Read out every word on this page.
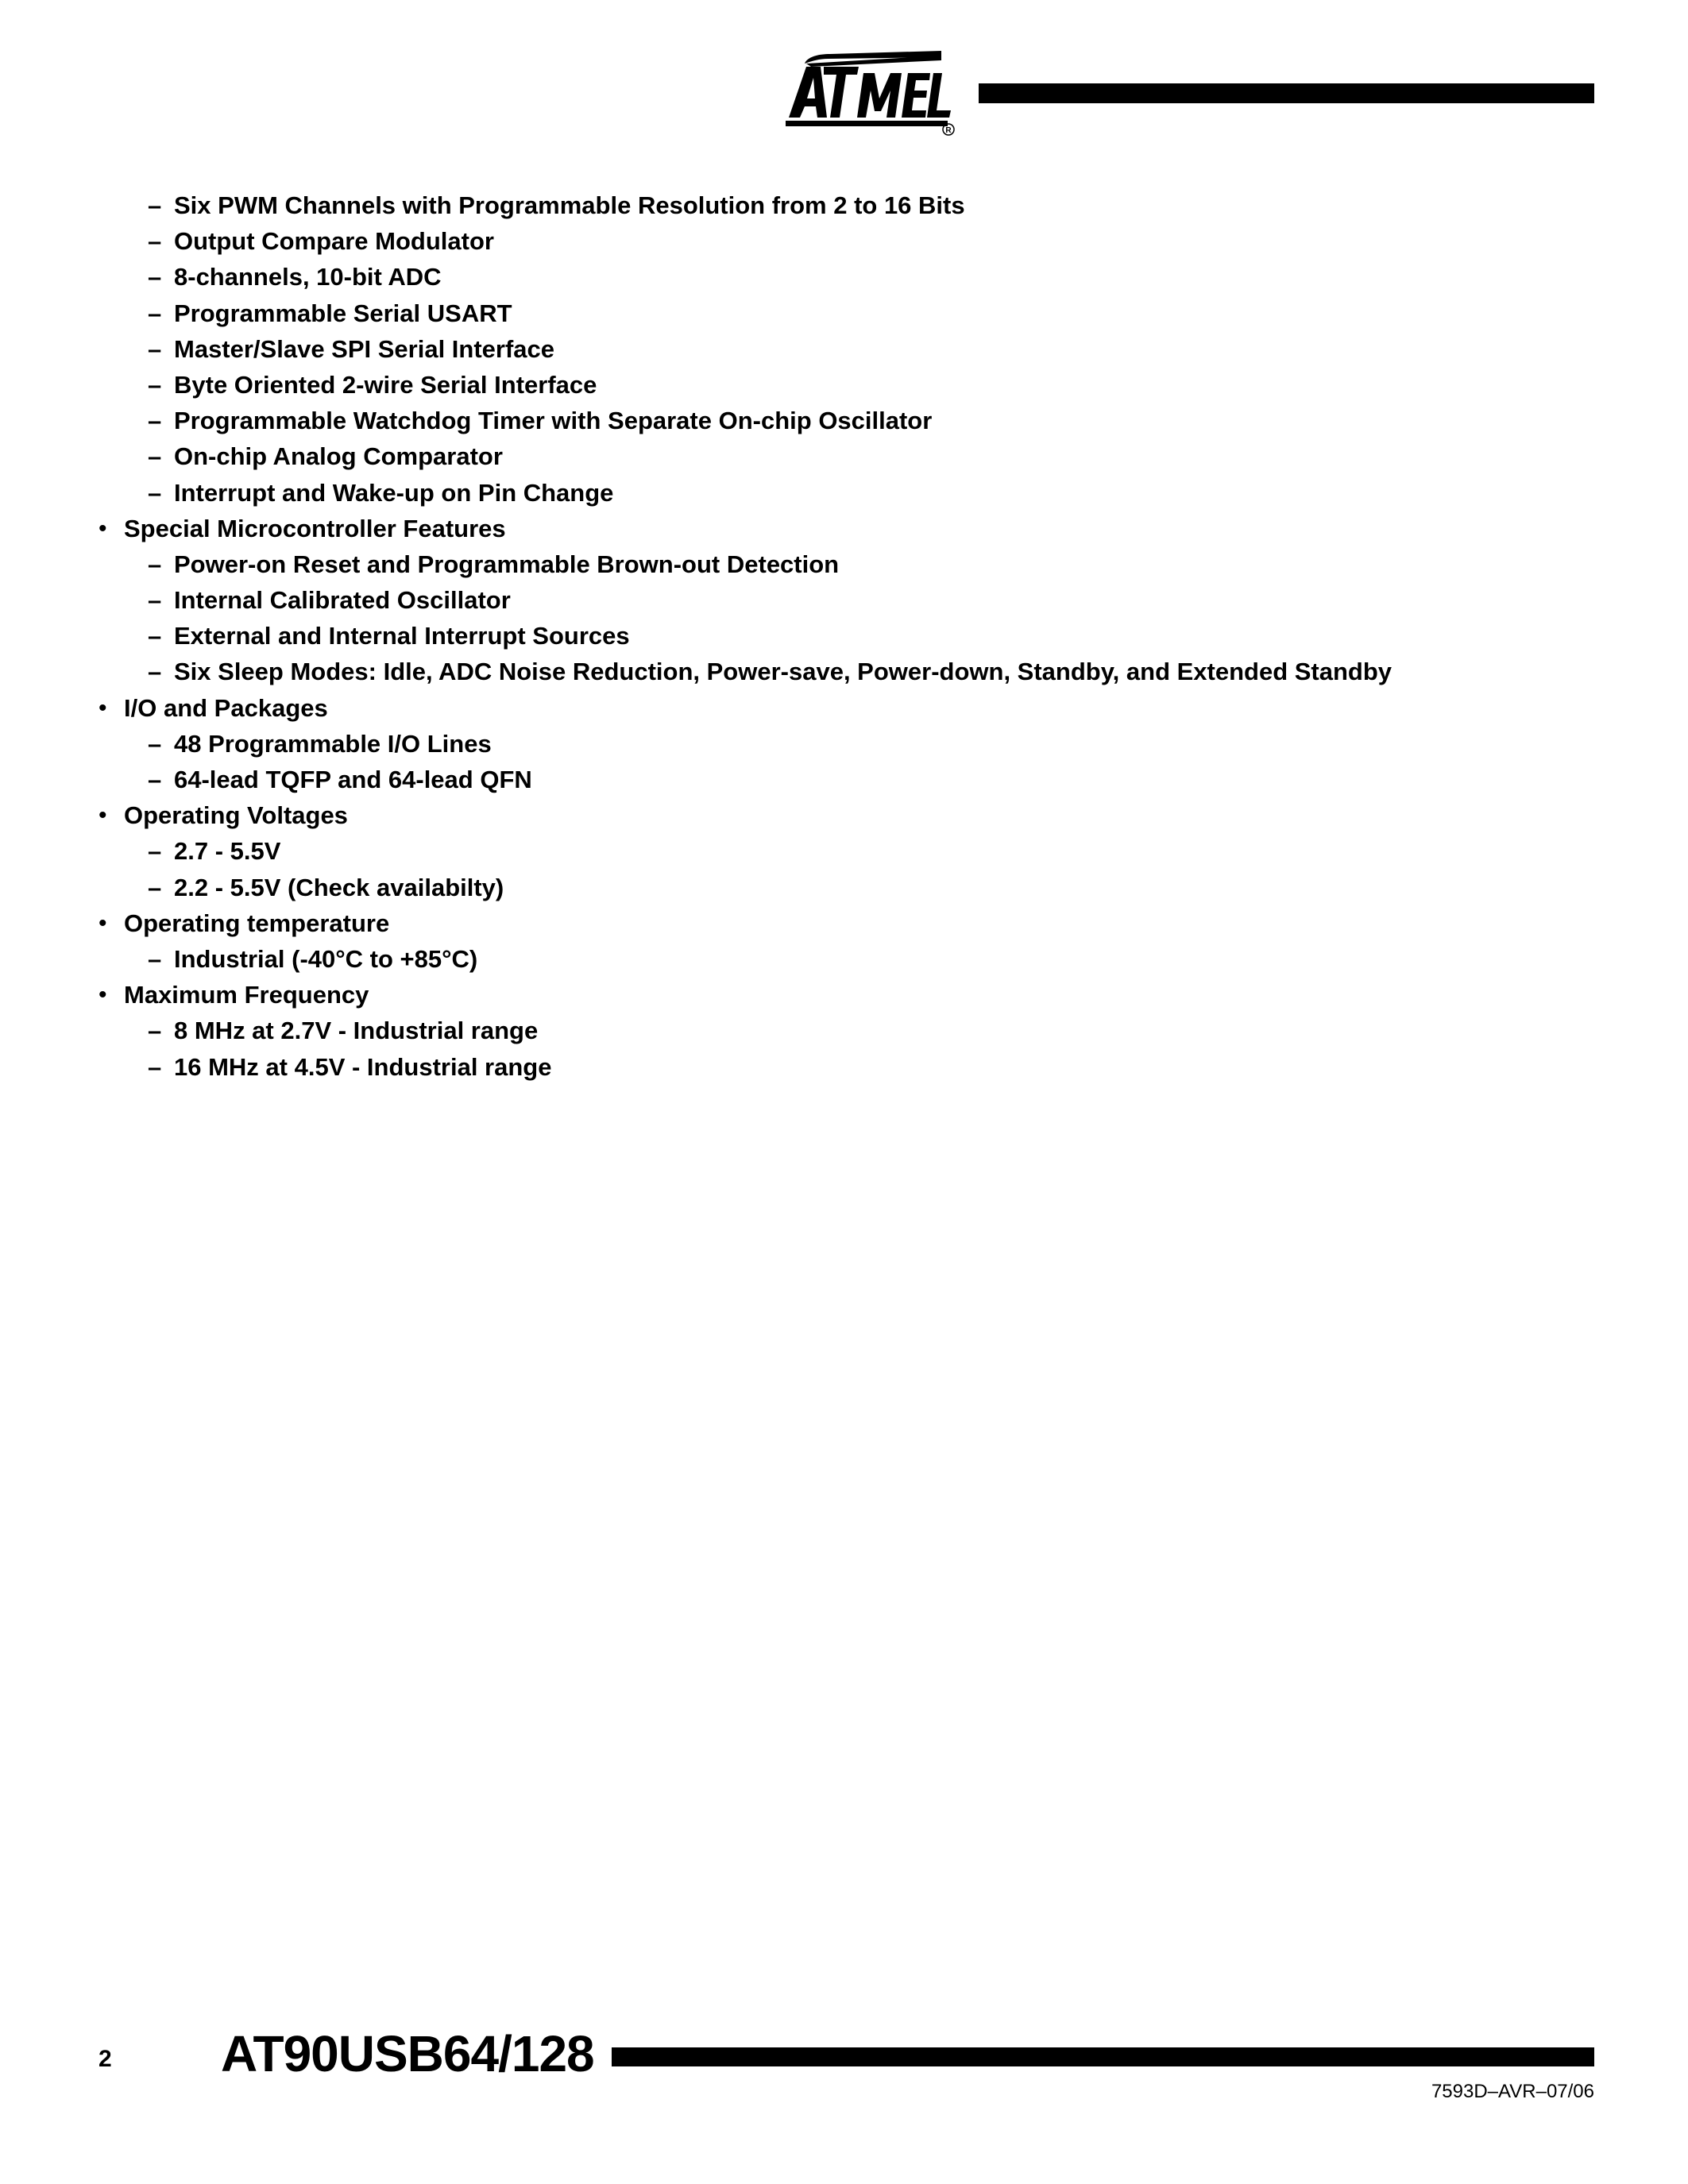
R
– Six PWM Channels with Programmable Resolution from 2 to 16 Bits
– Output Compare Modulator
– 8-channels, 10-bit ADC
– Programmable Serial USART
– Master/Slave SPI Serial Interface
– Byte Oriented 2-wire Serial Interface
– Programmable Watchdog Timer with Separate On-chip Oscillator
– On-chip Analog Comparator
– Interrupt and Wake-up on Pin Change
• Special Microcontroller Features
– Power-on Reset and Programmable Brown-out Detection
– Internal Calibrated Oscillator
– External and Internal Interrupt Sources
– Six Sleep Modes: Idle, ADC Noise Reduction, Power-save, Power-down, Standby, and Extended Standby
• I/O and Packages
– 48 Programmable I/O Lines
– 64-lead TQFP and 64-lead QFN
• Operating Voltages
– 2.7 - 5.5V
– 2.2 - 5.5V (Check availabilty)
• Operating temperature
– Industrial (-40°C to +85°C)
• Maximum Frequency
– 8 MHz at 2.7V - Industrial range
– 16 MHz at 4.5V - Industrial range
2 AT90USB64/128
7593D–AVR–07/06
